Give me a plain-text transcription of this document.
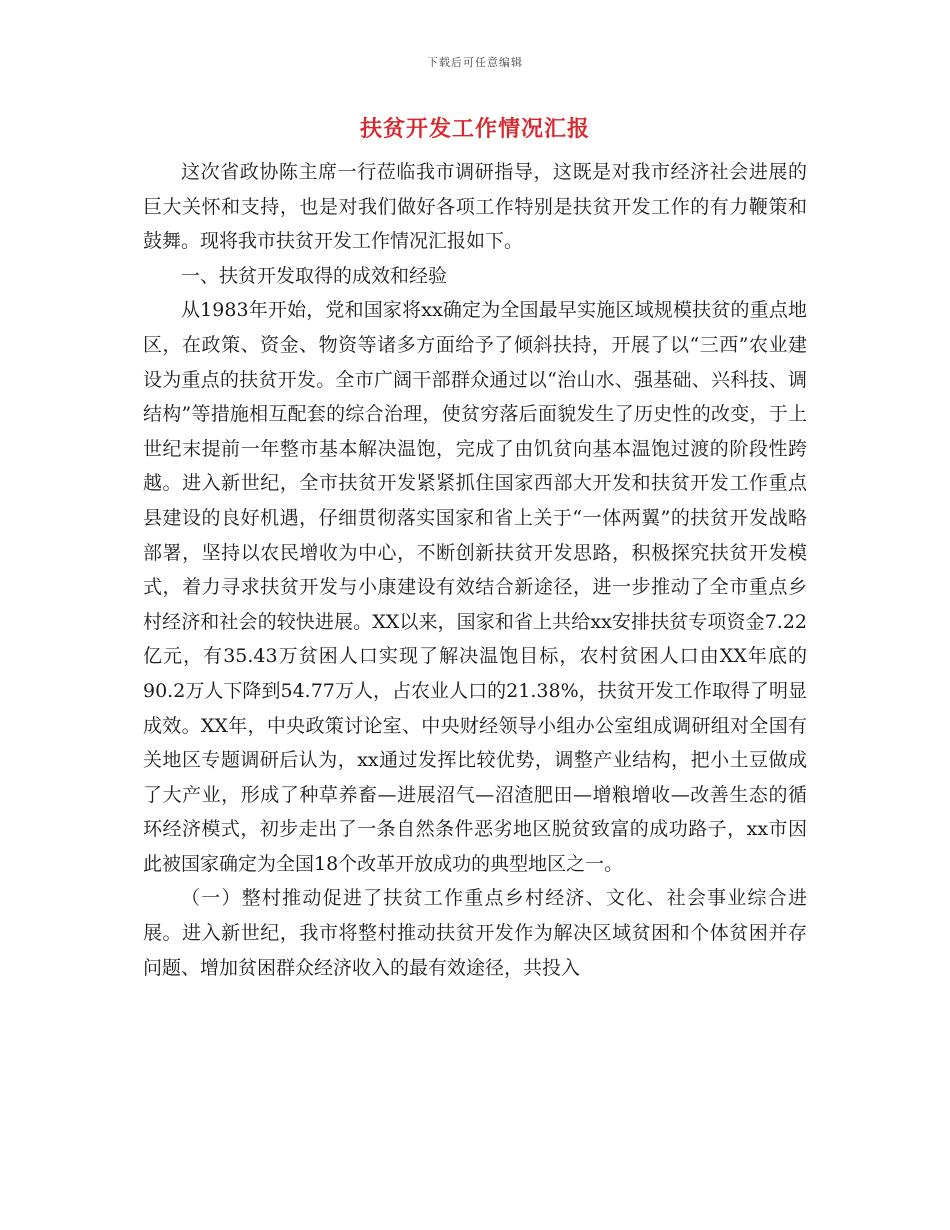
下载后可任意编辑
扶贫开发工作情况汇报

这次省政协陈主席一行莅临我市调研指导，这既是对我市经济社会进展的巨大关怀和支持，也是对我们做好各项工作特别是扶贫开发工作的有力鞭策和鼓舞。现将我市扶贫开发工作情况汇报如下。

一、扶贫开发取得的成效和经验

从1983年开始，党和国家将xx确定为全国最早实施区域规模扶贫的重点地区，在政策、资金、物资等诸多方面给予了倾斜扶持，开展了以“三西”农业建设为重点的扶贫开发。全市广阔干部群众通过以“治山水、强基础、兴科技、调结构”等措施相互配套的综合治理，使贫穷落后面貌发生了历史性的改变，于上世纪末提前一年整市基本解决温饱，完成了由饥贫向基本温饱过渡的阶段性跨越。进入新世纪，全市扶贫开发紧紧抓住国家西部大开发和扶贫开发工作重点县建设的良好机遇，仔细贯彻落实国家和省上关于“一体两翼”的扶贫开发战略部署，坚持以农民增收为中心，不断创新扶贫开发思路，积极探究扶贫开发模式，着力寻求扶贫开发与小康建设有效结合新途径，进一步推动了全市重点乡村经济和社会的较快进展。XX以来，国家和省上共给xx安排扶贫专项资金7.22亿元，有35.43万贫困人口实现了解决温饱目标，农村贫困人口由XX年底的90.2万人下降到54.77万人，占农业人口的21.38%，扶贫开发工作取得了明显成效。XX年，中央政策讨论室、中央财经领导小组办公室组成调研组对全国有关地区专题调研后认为，xx通过发挥比较优势，调整产业结构，把小土豆做成了大产业，形成了种草养畜—进展沼气—沼渣肥田—增粮增收—改善生态的循环经济模式，初步走出了一条自然条件恶劣地区脱贫致富的成功路子，xx市因此被国家确定为全国18个改革开放成功的典型地区之一。

（一）整村推动促进了扶贫工作重点乡村经济、文化、社会事业综合进展。进入新世纪，我市将整村推动扶贫开发作为解决区域贫困和个体贫困并存问题、增加贫困群众经济收入的最有效途径，共投入
